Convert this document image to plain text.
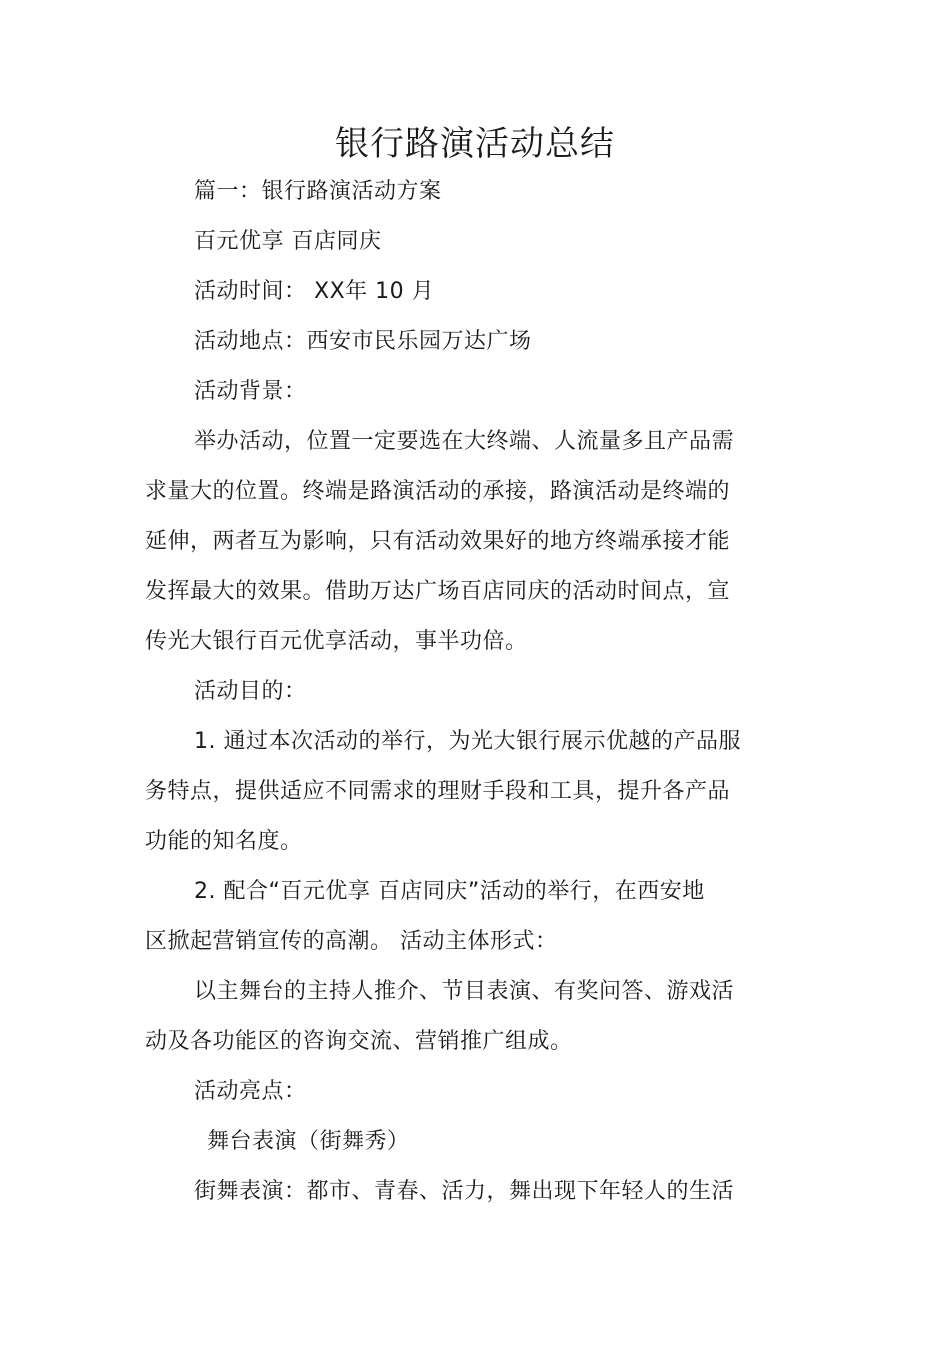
银行路演活动总结
篇一：银行路演活动方案
百元优享 百店同庆
活动时间： XX年 10 月
活动地点：西安市民乐园万达广场
活动背景：
举办活动，位置一定要选在大终端、人流量多且产品需
求量大的位置。终端是路演活动的承接，路演活动是终端的
延伸，两者互为影响，只有活动效果好的地方终端承接才能
发挥最大的效果。借助万达广场百店同庆的活动时间点，宣
传光大银行百元优享活动，事半功倍。
活动目的：
1. 通过本次活动的举行，为光大银行展示优越的产品服
务特点，提供适应不同需求的理财手段和工具，提升各产品
功能的知名度。
2. 配合“百元优享 百店同庆”活动的举行，在西安地
区掀起营销宣传的高潮。 活动主体形式：
以主舞台的主持人推介、节目表演、有奖问答、游戏活
动及各功能区的咨询交流、营销推广组成。
活动亮点：
舞台表演（街舞秀）
街舞表演：都市、青春、活力，舞出现下年轻人的生活
